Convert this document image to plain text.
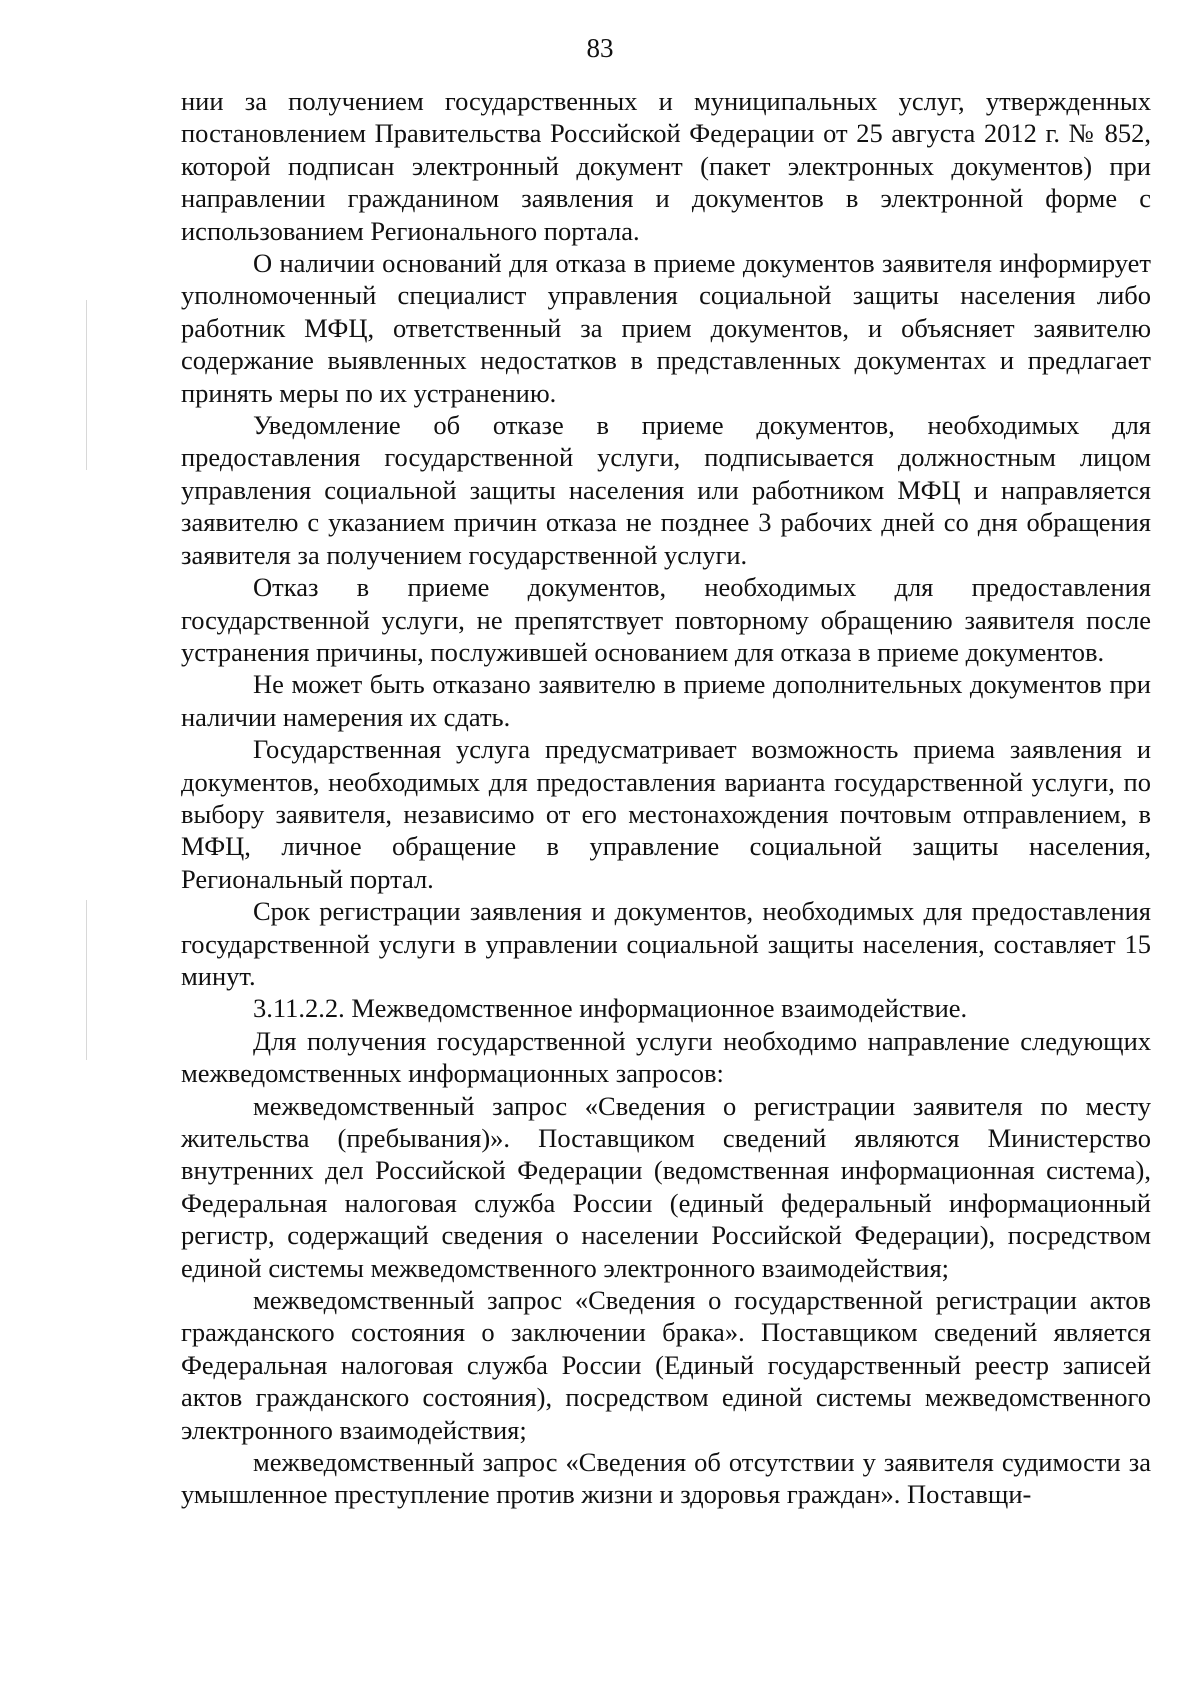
83

нии за получением государственных и муниципальных услуг, утвержденных постановлением Правительства Российской Федерации от 25 августа 2012 г. № 852, которой подписан электронный документ (пакет электронных документов) при направлении гражданином заявления и документов в электронной форме с использованием Регионального портала.

О наличии оснований для отказа в приеме документов заявителя информирует уполномоченный специалист управления социальной защиты населения либо работник МФЦ, ответственный за прием документов, и объясняет заявителю содержание выявленных недостатков в представленных документах и предлагает принять меры по их устранению.

Уведомление об отказе в приеме документов, необходимых для предоставления государственной услуги, подписывается должностным лицом управления социальной защиты населения или работником МФЦ и направляется заявителю с указанием причин отказа не позднее 3 рабочих дней со дня обращения заявителя за получением государственной услуги.

Отказ в приеме документов, необходимых для предоставления государственной услуги, не препятствует повторному обращению заявителя после устранения причины, послужившей основанием для отказа в приеме документов.

Не может быть отказано заявителю в приеме дополнительных документов при наличии намерения их сдать.

Государственная услуга предусматривает возможность приема заявления и документов, необходимых для предоставления варианта государственной услуги, по выбору заявителя, независимо от его местонахождения почтовым отправлением, в МФЦ, личное обращение в управление социальной защиты населения, Региональный портал.

Срок регистрации заявления и документов, необходимых для предоставления государственной услуги в управлении социальной защиты населения, составляет 15 минут.

3.11.2.2. Межведомственное информационное взаимодействие.

Для получения государственной услуги необходимо направление следующих межведомственных информационных запросов:

межведомственный запрос «Сведения о регистрации заявителя по месту жительства (пребывания)». Поставщиком сведений являются Министерство внутренних дел Российской Федерации (ведомственная информационная система), Федеральная налоговая служба России (единый федеральный информационный регистр, содержащий сведения о населении Российской Федерации), посредством единой системы межведомственного электронного взаимодействия;

межведомственный запрос «Сведения о государственной регистрации актов гражданского состояния о заключении брака». Поставщиком сведений является Федеральная налоговая служба России (Единый государственный реестр записей актов гражданского состояния), посредством единой системы межведомственного электронного взаимодействия;

межведомственный запрос «Сведения об отсутствии у заявителя судимости за умышленное преступление против жизни и здоровья граждан». Поставщи-
